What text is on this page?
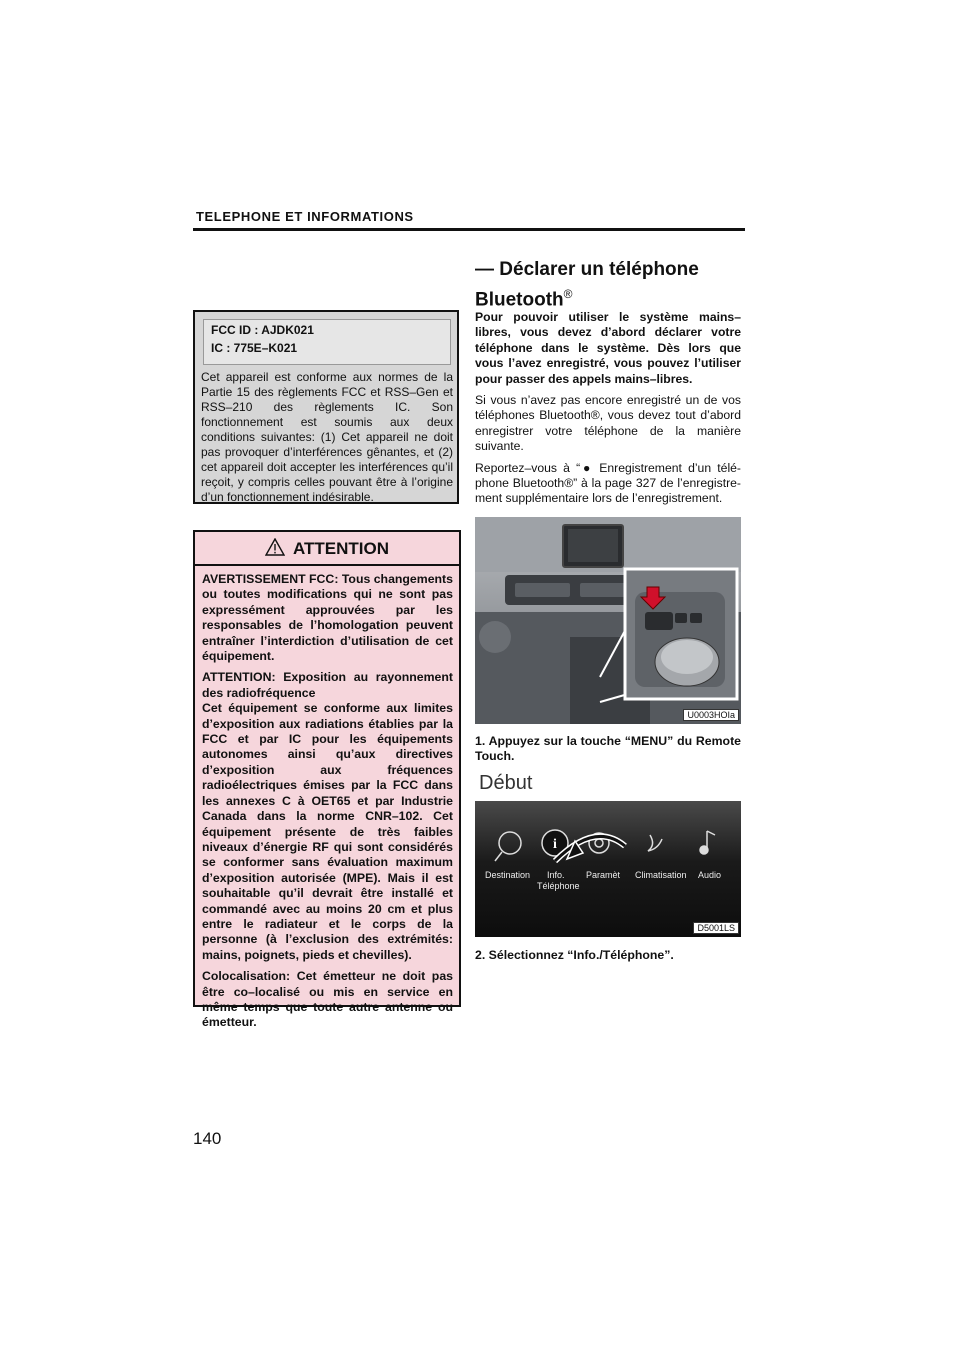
TELEPHONE ET INFORMATIONS
— Déclarer un téléphone
Bluetooth®
FCC ID : AJDK021
IC : 775E–K021
Cet appareil est conforme aux normes de la Partie 15 des règlements FCC et RSS–Gen et RSS–210 des règlements IC. Son fonctionnement est soumis aux deux conditions suivantes: (1) Cet appareil ne doit pas provoquer d’interférences gênantes, et (2) cet appareil doit accepter les interférences qu’il reçoit, y compris celles pouvant être à l’origine d’un fonctionnement indésirable.
ATTENTION

AVERTISSEMENT FCC: Tous changements ou toutes modifications qui ne sont pas expressément approuvées par les responsables de l’homologation peuvent entraîner l’interdiction d’utilisation de cet équipement.

ATTENTION: Exposition au rayonnement des radiofréquence
Cet équipement se conforme aux limites d’exposition aux radiations établies par la FCC et par IC pour les équipements autonomes ainsi qu’aux directives d’exposition aux fréquences radioélectriques émises par la FCC dans les annexes C à OET65 et par Industrie Canada dans la norme CNR–102. Cet équipement présente de très faibles niveaux d’énergie RF qui sont considérés se conformer sans évaluation maximum d’exposition autorisée (MPE). Mais il est souhaitable qu’il devrait être installé et commandé avec au moins 20 cm et plus entre le radiateur et le corps de la personne (à l’exclusion des extrémités: mains, poignets, pieds et chevilles).

Colocalisation: Cet émetteur ne doit pas être co–localisé ou mis en service en même temps que toute autre antenne ou émetteur.

Pour pouvoir utiliser le système mains–libres, vous devez d’abord déclarer votre téléphone dans le système. Dès lors que vous l’avez enregistré, vous pouvez l’utiliser pour passer des appels mains–libres.

Si vous n’avez pas encore enregistré un de vos téléphones Bluetooth®, vous devez tout d’abord enregistrer votre téléphone de la manière suivante.

Reportez–vous à “● Enregistrement d’un télé- phone Bluetooth®” à la page 327 de l’enregistre- ment supplémentaire lors de l’enregistrement.

U0003HOIa
1. Appuyez sur la touche “MENU” du Remote Touch.
Début
i
Destination Info.
Téléphone
Paramèt Climatisation Audio
D5001LS
2. Sélectionnez “Info./Téléphone”.
140
